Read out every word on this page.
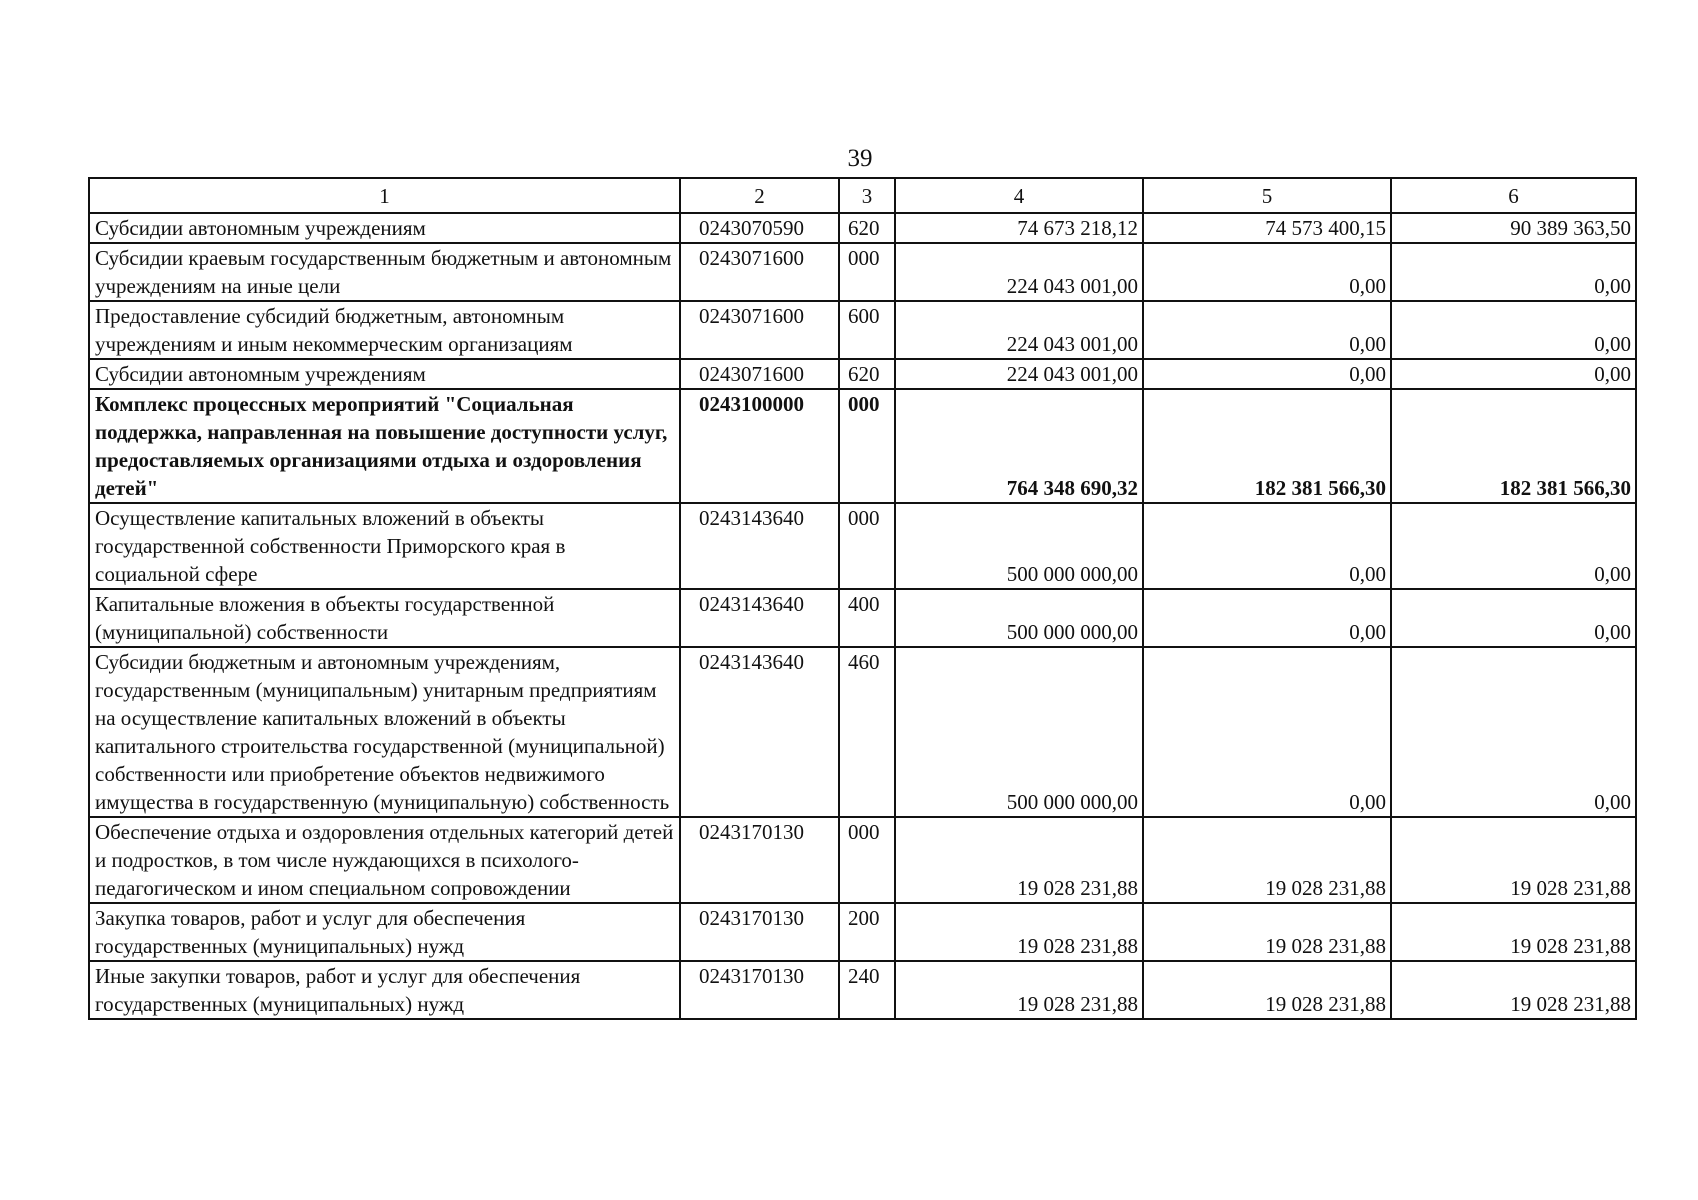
39
1	2	3	4	5	6
Субсидии автономным учреждениям	0243070590	620	74 673 218,12	74 573 400,15	90 389 363,50
Субсидии краевым государственным бюджетным и автономным учреждениям на иные цели	0243071600	000	224 043 001,00	0,00	0,00
Предоставление субсидий бюджетным, автономным учреждениям и иным некоммерческим организациям	0243071600	600	224 043 001,00	0,00	0,00
Субсидии автономным учреждениям	0243071600	620	224 043 001,00	0,00	0,00
Комплекс процессных мероприятий "Социальная поддержка, направленная на повышение доступности услуг, предоставляемых организациями отдыха и оздоровления детей"	0243100000	000	764 348 690,32	182 381 566,30	182 381 566,30
Осуществление капитальных вложений в объекты государственной собственности Приморского края в социальной сфере	0243143640	000	500 000 000,00	0,00	0,00
Капитальные вложения в объекты государственной (муниципальной) собственности	0243143640	400	500 000 000,00	0,00	0,00
Субсидии бюджетным и автономным учреждениям, государственным (муниципальным) унитарным предприятиям на осуществление капитальных вложений в объекты капитального строительства государственной (муниципальной) собственности или приобретение объектов недвижимого имущества в государственную (муниципальную) собственность	0243143640	460	500 000 000,00	0,00	0,00
Обеспечение отдыха и оздоровления отдельных категорий детей и подростков, в том числе нуждающихся в психолого-педагогическом и ином специальном сопровождении	0243170130	000	19 028 231,88	19 028 231,88	19 028 231,88
Закупка товаров, работ и услуг для обеспечения государственных (муниципальных) нужд	0243170130	200	19 028 231,88	19 028 231,88	19 028 231,88
Иные закупки товаров, работ и услуг для обеспечения государственных (муниципальных) нужд	0243170130	240	19 028 231,88	19 028 231,88	19 028 231,88
